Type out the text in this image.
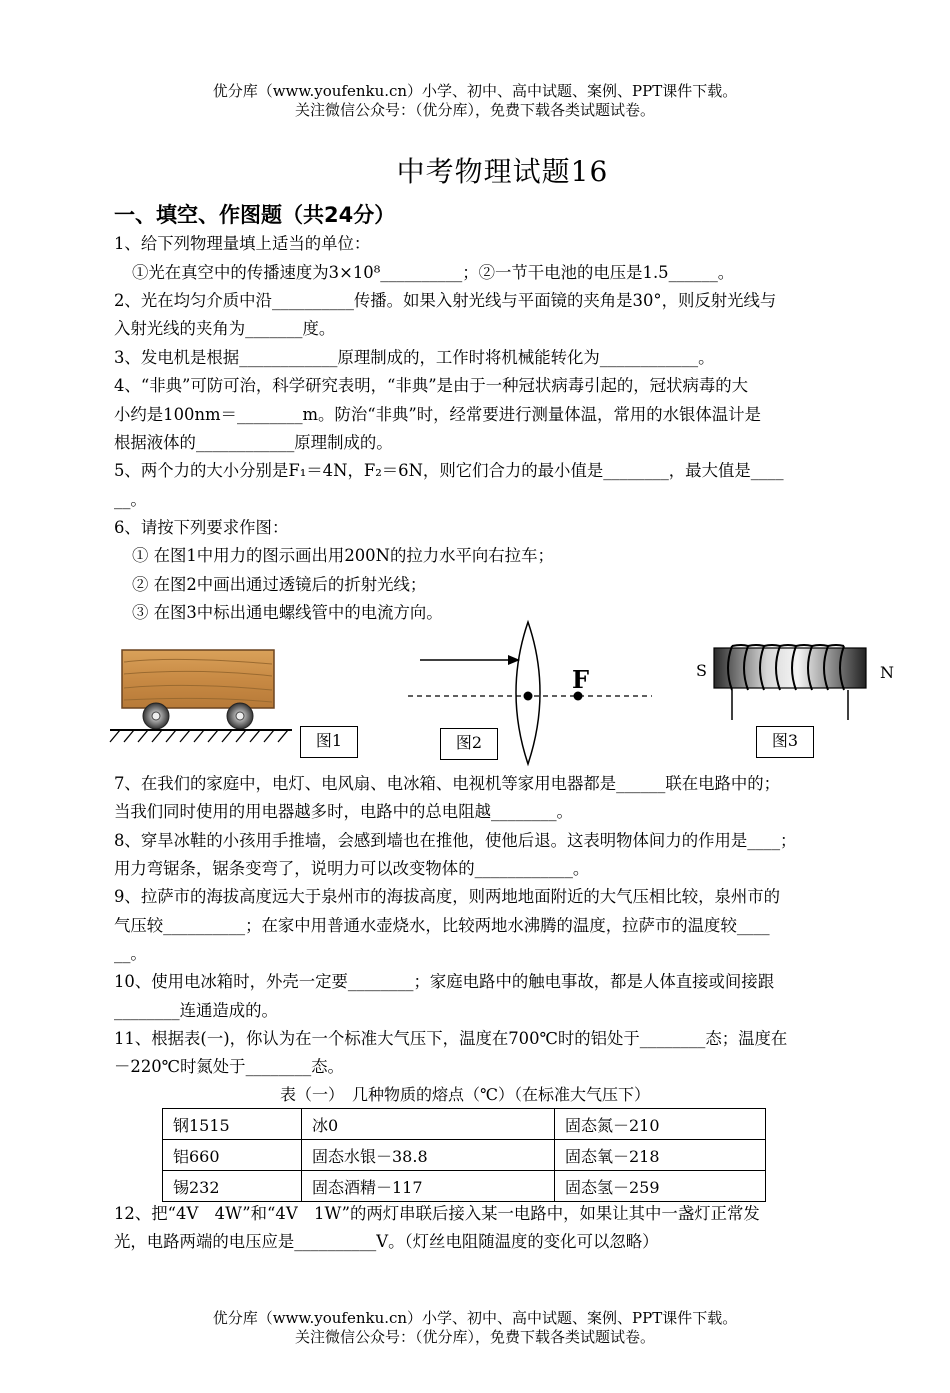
优分库（www.youfenku.cn）小学、初中、高中试题、案例、PPT课件下载。
关注微信公众号：（优分库），免费下载各类试题试卷。
中考物理试题16
一、填空、作图题（共24分）
1、给下列物理量填上适当的单位：
①光在真空中的传播速度为3×10⁸__________；②一节干电池的电压是1.5______。
2、光在均匀介质中沿__________传播。如果入射光线与平面镜的夹角是30°，则反射光线与
入射光线的夹角为_______度。
3、发电机是根据____________原理制成的，工作时将机械能转化为____________。
4、“非典”可防可治，科学研究表明，“非典”是由于一种冠状病毒引起的，冠状病毒的大
小约是100nm＝________m。防治“非典”时，经常要进行测量体温，常用的水银体温计是
根据液体的____________原理制成的。
5、两个力的大小分别是F₁＝4N，F₂＝6N，则它们合力的最小值是________，最大值是____
__。
6、请按下列要求作图：
① 在图1中用力的图示画出用200N的拉力水平向右拉车；
② 在图2中画出通过透镜后的折射光线；
③ 在图3中标出通电螺线管中的电流方向。
图1
F
图2
S	N
图3
7、在我们的家庭中，电灯、电风扇、电冰箱、电视机等家用电器都是______联在电路中的；
当我们同时使用的用电器越多时，电路中的总电阻越________。
8、穿旱冰鞋的小孩用手推墙，会感到墙也在推他，使他后退。这表明物体间力的作用是____；
用力弯锯条，锯条变弯了，说明力可以改变物体的____________。
9、拉萨市的海拔高度远大于泉州市的海拔高度，则两地地面附近的大气压相比较，泉州市的
气压较__________；在家中用普通水壶烧水，比较两地水沸腾的温度，拉萨市的温度较____
__。
10、使用电冰箱时，外壳一定要________；家庭电路中的触电事故，都是人体直接或间接跟
________连通造成的。
11、根据表(一)，你认为在一个标准大气压下，温度在700℃时的铝处于________态；温度在
－220℃时氮处于________态。
表（一）　几种物质的熔点（℃）（在标准大气压下）
钢1515	冰0	固态氮－210
铝660	固态水银－38.8	固态氧－218
锡232	固态酒精－117	固态氢－259
12、把“4V　4W”和“4V　1W”的两灯串联后接入某一电路中，如果让其中一盏灯正常发
光，电路两端的电压应是__________V。（灯丝电阻随温度的变化可以忽略）
优分库（www.youfenku.cn）小学、初中、高中试题、案例、PPT课件下载。
关注微信公众号：（优分库），免费下载各类试题试卷。
